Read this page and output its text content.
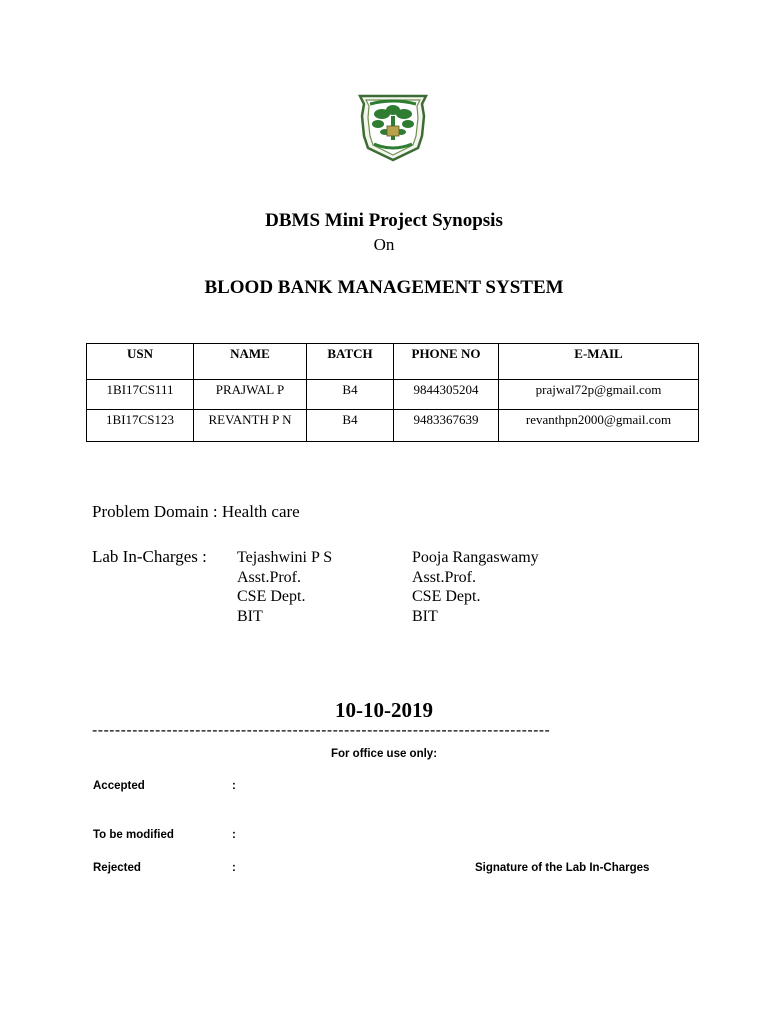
DBMS Mini Project Synopsis
On
BLOOD BANK MANAGEMENT SYSTEM
USN	NAME	BATCH	PHONE NO	E-MAIL
1BI17CS111	PRAJWAL P	B4	9844305204	prajwal72p@gmail.com
1BI17CS123	REVANTH P N	B4	9483367639	revanthpn2000@gmail.com
Problem Domain : Health care
Lab In-Charges : Tejashwini P S
Asst.Prof.
CSE Dept.
BIT
Pooja Rangaswamy
Asst.Prof.
CSE Dept.
BIT
10-10-2019
--------------------------------------------------------------------------------
For office use only:
Accepted	:
To be modified	:
Rejected	:	Signature of the Lab In-Charges
